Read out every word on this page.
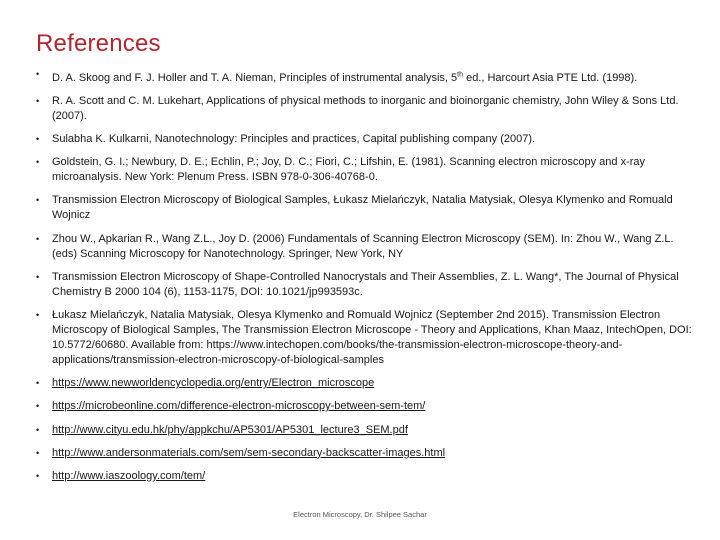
References
• D. A. Skoog and F. J. Holler and T. A. Nieman, Principles of instrumental analysis, 5th ed., Harcourt Asia PTE Ltd. (1998).
• R. A. Scott and C. M. Lukehart, Applications of physical methods to inorganic and bioinorganic chemistry, John Wiley & Sons Ltd. (2007).
• Sulabha K. Kulkarni, Nanotechnology: Principles and practices, Capital publishing company (2007).
• Goldstein, G. I.; Newbury, D. E.; Echlin, P.; Joy, D. C.; Fiori, C.; Lifshin, E. (1981). Scanning electron microscopy and x-ray microanalysis. New York: Plenum Press. ISBN 978-0-306-40768-0.
• Transmission Electron Microscopy of Biological Samples, Łukasz Mielańczyk, Natalia Matysiak, Olesya Klymenko and Romuald Wojnicz
• Zhou W., Apkarian R., Wang Z.L., Joy D. (2006) Fundamentals of Scanning Electron Microscopy (SEM). In: Zhou W., Wang Z.L. (eds) Scanning Microscopy for Nanotechnology. Springer, New York, NY
• Transmission Electron Microscopy of Shape-Controlled Nanocrystals and Their Assemblies, Z. L. Wang*, The Journal of Physical Chemistry B 2000 104 (6), 1153-1175, DOI: 10.1021/jp993593c.
• Łukasz Mielańczyk, Natalia Matysiak, Olesya Klymenko and Romuald Wojnicz (September 2nd 2015). Transmission Electron Microscopy of Biological Samples, The Transmission Electron Microscope - Theory and Applications, Khan Maaz, IntechOpen, DOI: 10.5772/60680. Available from: https://www.intechopen.com/books/the-transmission-electron-microscope-theory-and-applications/transmission-electron-microscopy-of-biological-samples
• https://www.newworldencyclopedia.org/entry/Electron_microscope
• https://microbeonline.com/difference-electron-microscopy-between-sem-tem/
• http://www.cityu.edu.hk/phy/appkchu/AP5301/AP5301_lecture3_SEM.pdf
• http://www.andersonmaterials.com/sem/sem-secondary-backscatter-images.html
• http://www.iaszoology.com/tem/
Electron Microscopy, Dr. Shilpee Sachar
